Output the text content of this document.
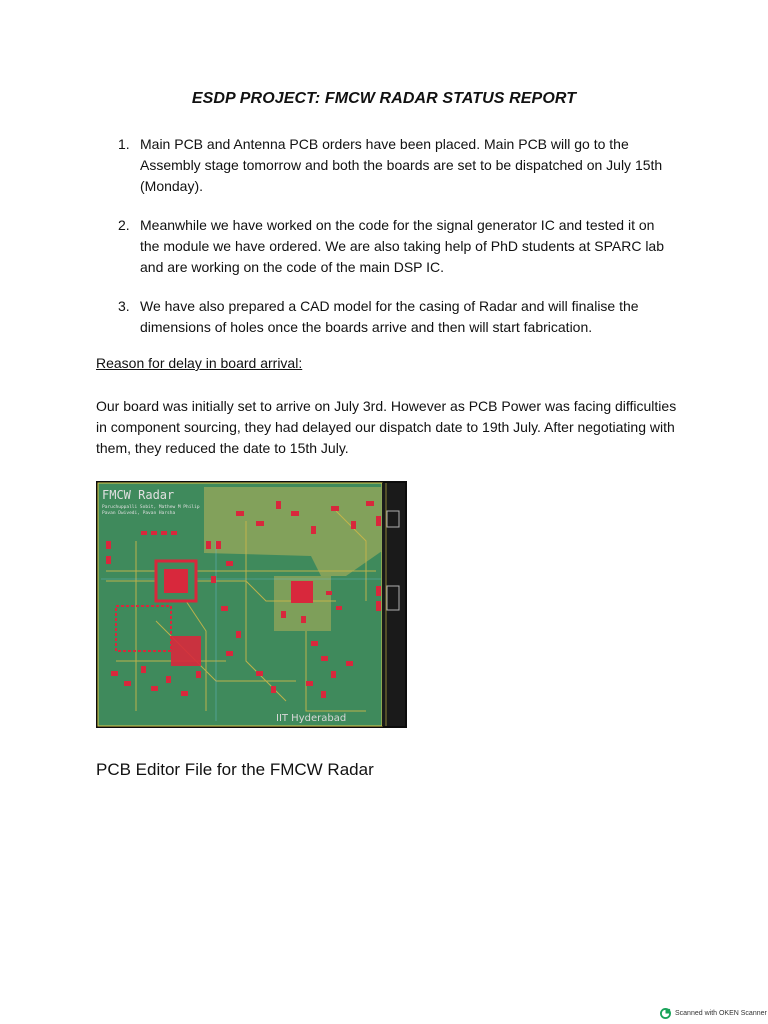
ESDP PROJECT: FMCW RADAR STATUS REPORT
1. Main PCB and Antenna PCB orders have been placed. Main PCB will go to the Assembly stage tomorrow and both the boards are set to be dispatched on July 15th (Monday).
2. Meanwhile we have worked on the code for the signal generator IC and tested it on the module we have ordered. We are also taking help of PhD students at SPARC lab and are working on the code of the main DSP IC.
3. We have also prepared a CAD model for the casing of Radar and will finalise the dimensions of holes once the boards arrive and then will start fabrication.
Reason for delay in board arrival:

Our board was initially set to arrive on July 3rd. However as PCB Power was facing difficulties in component sourcing, they had delayed our dispatch date to 19th July. After negotiating with them, they reduced the date to 15th July.

FMCW Radar
Paruchuppalli Sobit, Mathew M Philip
Pavan Dwivedi, Pavan Harsha
IIT Hyderabad
PCB Editor File for the FMCW Radar
Scanned with OKEN Scanner
